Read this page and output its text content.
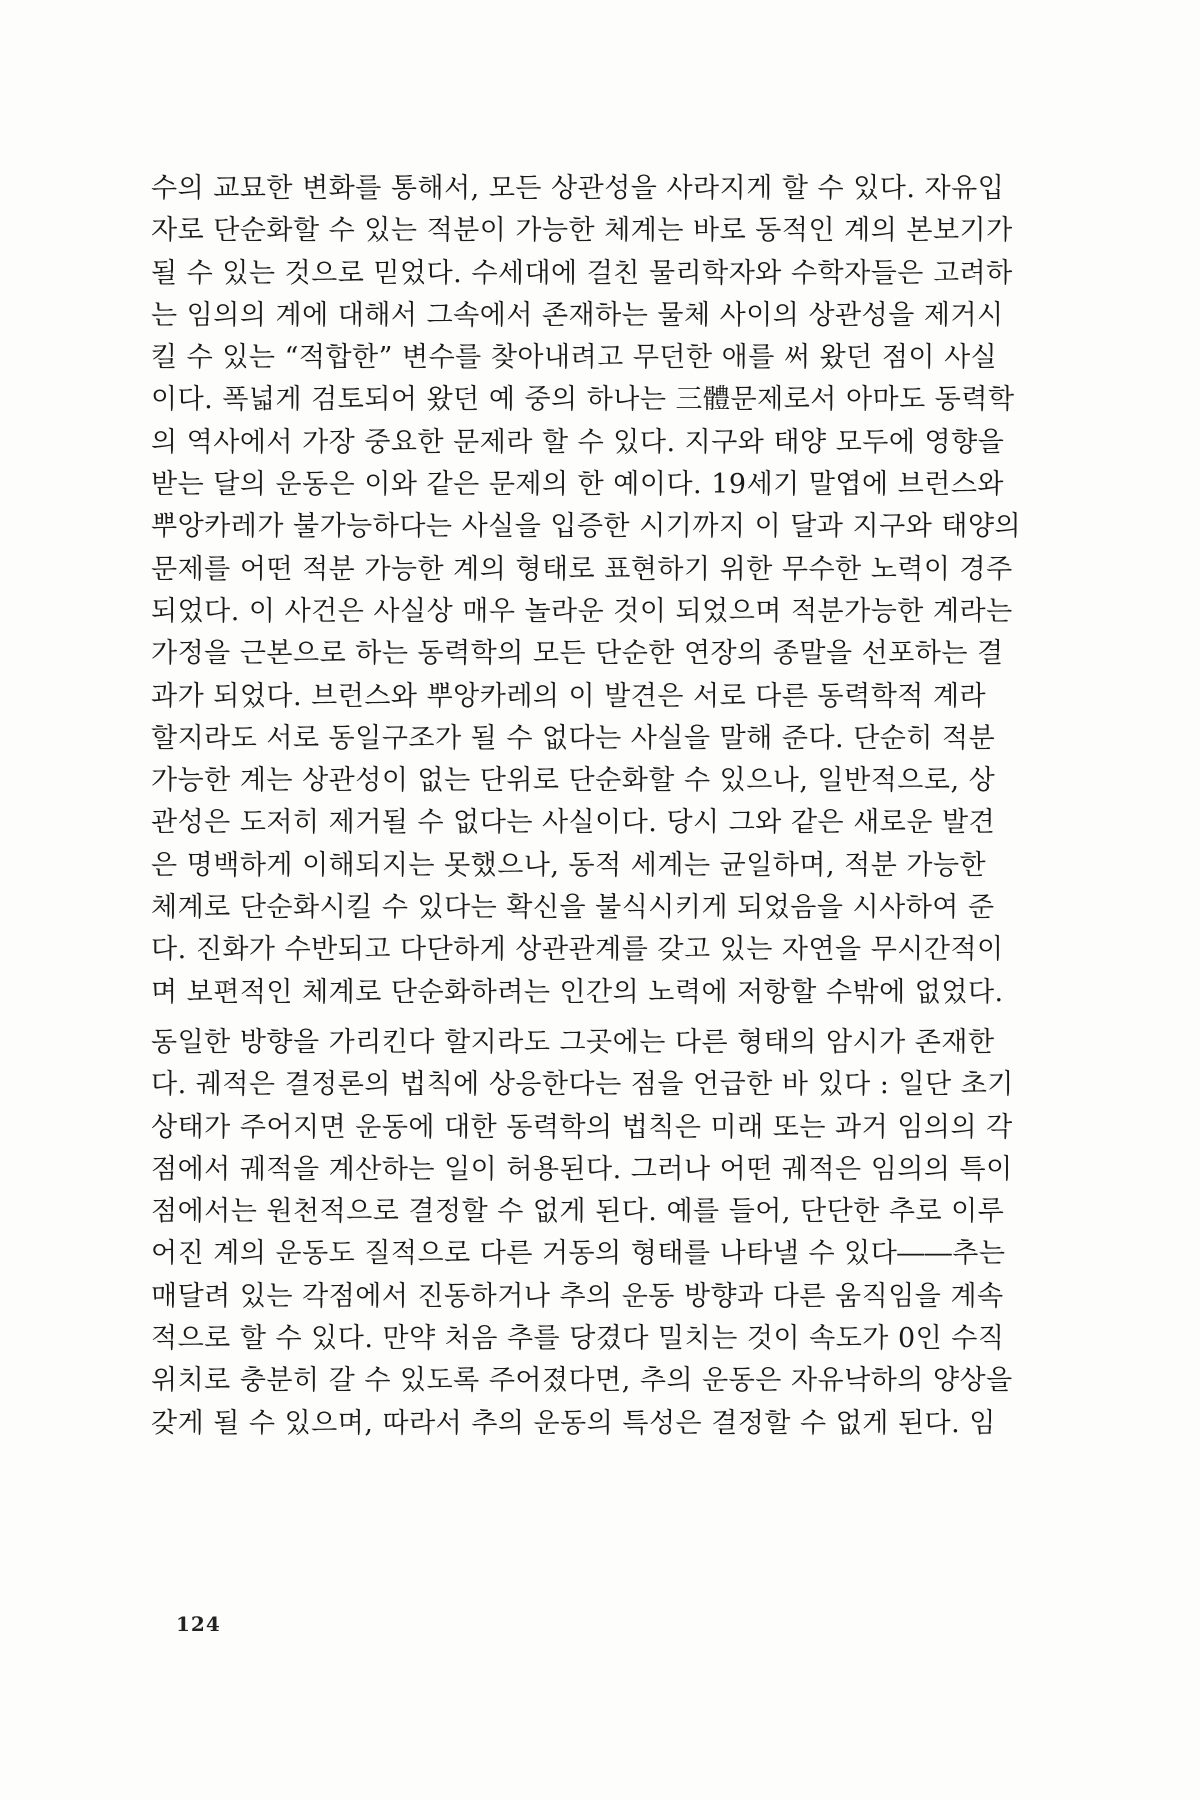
수의 교묘한 변화를 통해서, 모든 상관성을 사라지게 할 수 있다. 자유입
자로 단순화할 수 있는 적분이 가능한 체계는 바로 동적인 계의 본보기가
될 수 있는 것으로 믿었다. 수세대에 걸친 물리학자와 수학자들은 고려하
는 임의의 계에 대해서 그속에서 존재하는 물체 사이의 상관성을 제거시
킬 수 있는 “적합한” 변수를 찾아내려고 무던한 애를 써 왔던 점이 사실
이다. 폭넓게 검토되어 왔던 예 중의 하나는 三體문제로서 아마도 동력학
의 역사에서 가장 중요한 문제라 할 수 있다. 지구와 태양 모두에 영향을
받는 달의 운동은 이와 같은 문제의 한 예이다. 19세기 말엽에 브런스와
뿌앙카레가 불가능하다는 사실을 입증한 시기까지 이 달과 지구와 태양의
문제를 어떤 적분 가능한 계의 형태로 표현하기 위한 무수한 노력이 경주
되었다. 이 사건은 사실상 매우 놀라운 것이 되었으며 적분가능한 계라는
가정을 근본으로 하는 동력학의 모든 단순한 연장의 종말을 선포하는 결
과가 되었다. 브런스와 뿌앙카레의 이 발견은 서로 다른 동력학적 계라
할지라도 서로 동일구조가 될 수 없다는 사실을 말해 준다. 단순히 적분
가능한 계는 상관성이 없는 단위로 단순화할 수 있으나, 일반적으로, 상
관성은 도저히 제거될 수 없다는 사실이다. 당시 그와 같은 새로운 발견
은 명백하게 이해되지는 못했으나, 동적 세계는 균일하며, 적분 가능한
체계로 단순화시킬 수 있다는 확신을 불식시키게 되었음을 시사하여 준
다. 진화가 수반되고 다단하게 상관관계를 갖고 있는 자연을 무시간적이
며 보편적인 체계로 단순화하려는 인간의 노력에 저항할 수밖에 없었다.
동일한 방향을 가리킨다 할지라도 그곳에는 다른 형태의 암시가 존재한
다. 궤적은 결정론의 법칙에 상응한다는 점을 언급한 바 있다 : 일단 초기
상태가 주어지면 운동에 대한 동력학의 법칙은 미래 또는 과거 임의의 각
점에서 궤적을 계산하는 일이 허용된다. 그러나 어떤 궤적은 임의의 특이
점에서는 원천적으로 결정할 수 없게 된다. 예를 들어, 단단한 추로 이루
어진 계의 운동도 질적으로 다른 거동의 형태를 나타낼 수 있다――추는
매달려 있는 각점에서 진동하거나 추의 운동 방향과 다른 움직임을 계속
적으로 할 수 있다. 만약 처음 추를 당겼다 밀치는 것이 속도가 0인 수직
위치로 충분히 갈 수 있도록 주어졌다면, 추의 운동은 자유낙하의 양상을
갖게 될 수 있으며, 따라서 추의 운동의 특성은 결정할 수 없게 된다. 임
124
